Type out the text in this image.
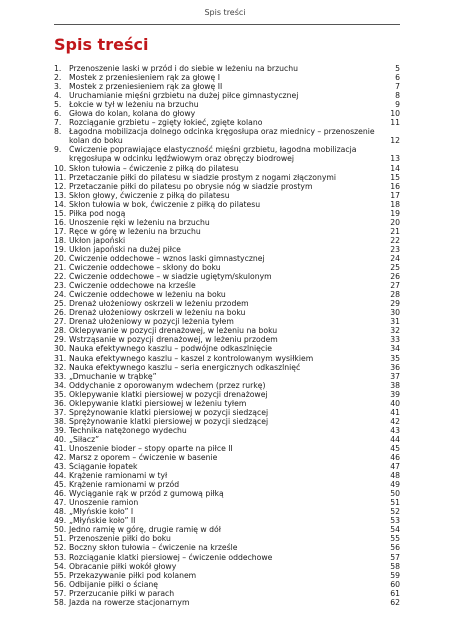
Spis treści
Spis treści
1. Przenoszenie laski w przód i do siebie w leżeniu na brzuchu	5
2. Mostek z przeniesieniem rąk za głowę I	6
3. Mostek z przeniesieniem rąk za głowę II	7
4. Uruchamianie mięśni grzbietu na dużej piłce gimnastycznej	8
5. Łokcie w tył w leżeniu na brzuchu	9
6. Głowa do kolan, kolana do głowy	10
7. Rozciąganie grzbietu – zgięty łokieć, zgięte kolano	11
8. Łagodna mobilizacja dolnego odcinka kręgosłupa oraz miednicy – przenoszenie kolan do boku	12
9. Ćwiczenie poprawiające elastyczność mięśni grzbietu, łagodna mobilizacja kręgosłupa w odcinku lędźwiowym oraz obręczy biodrowej	13
10. Skłon tułowia – ćwiczenie z piłką do pilatesu	14
11. Przetaczanie piłki do pilatesu w siadzie prostym z nogami złączonymi	15
12. Przetaczanie piłki do pilatesu po obrysie nóg w siadzie prostym	16
13. Skłon głowy, ćwiczenie z piłką do pilatesu	17
14. Skłon tułowia w bok, ćwiczenie z piłką do pilatesu	18
15. Piłka pod nogą	19
16. Unoszenie ręki w leżeniu na brzuchu	20
17. Ręce w górę w leżeniu na brzuchu	21
18. Ukłon japoński	22
19. Ukłon japoński na dużej piłce	23
20. Ćwiczenie oddechowe – wznos laski gimnastycznej	24
21. Ćwiczenie oddechowe – skłony do boku	25
22. Ćwiczenie oddechowe – w siadzie ugiętym/skulonym	26
23. Ćwiczenie oddechowe na krześle	27
24. Ćwiczenie oddechowe w leżeniu na boku	28
25. Drenaż ułożeniowy oskrzeli w leżeniu przodem	29
26. Drenaż ułożeniowy oskrzeli w leżeniu na boku	30
27. Drenaż ułożeniowy w pozycji leżenia tyłem	31
28. Oklepywanie w pozycji drenażowej, w leżeniu na boku	32
29. Wstrząsanie w pozycji drenażowej, w leżeniu przodem	33
30. Nauka efektywnego kaszlu – podwójne odkaszlnięcie	34
31. Nauka efektywnego kaszlu – kaszel z kontrolowanym wysiłkiem	35
32. Nauka efektywnego kaszlu – seria energicznych odkaszlnięć	36
33. „Dmuchanie w trąbkę”	37
34. Oddychanie z oporowanym wdechem (przez rurkę)	38
35. Oklepywanie klatki piersiowej w pozycji drenażowej	39
36. Oklepywanie klatki piersiowej w leżeniu tyłem	40
37. Sprężynowanie klatki piersiowej w pozycji siedzącej	41
38. Sprężynowanie klatki piersiowej w pozycji siedzącej	42
39. Technika natężonego wydechu	43
40. „Siłacz”	44
41. Unoszenie bioder – stopy oparte na piłce II	45
42. Marsz z oporem – ćwiczenie w basenie	46
43. Ściąganie łopatek	47
44. Krążenie ramionami w tył	48
45. Krążenie ramionami w przód	49
46. Wyciąganie rąk w przód z gumową piłką	50
47. Unoszenie ramion	51
48. „Młyńskie koło” I	52
49. „Młyńskie koło” II	53
50. Jedno ramię w górę, drugie ramię w dół	54
51. Przenoszenie piłki do boku	55
52. Boczny skłon tułowia – ćwiczenie na krześle	56
53. Rozciąganie klatki piersiowej – ćwiczenie oddechowe	57
54. Obracanie piłki wokół głowy	58
55. Przekazywanie piłki pod kolanem	59
56. Odbijanie piłki o ścianę	60
57. Przerzucanie piłki w parach	61
58. Jazda na rowerze stacjonarnym	62
